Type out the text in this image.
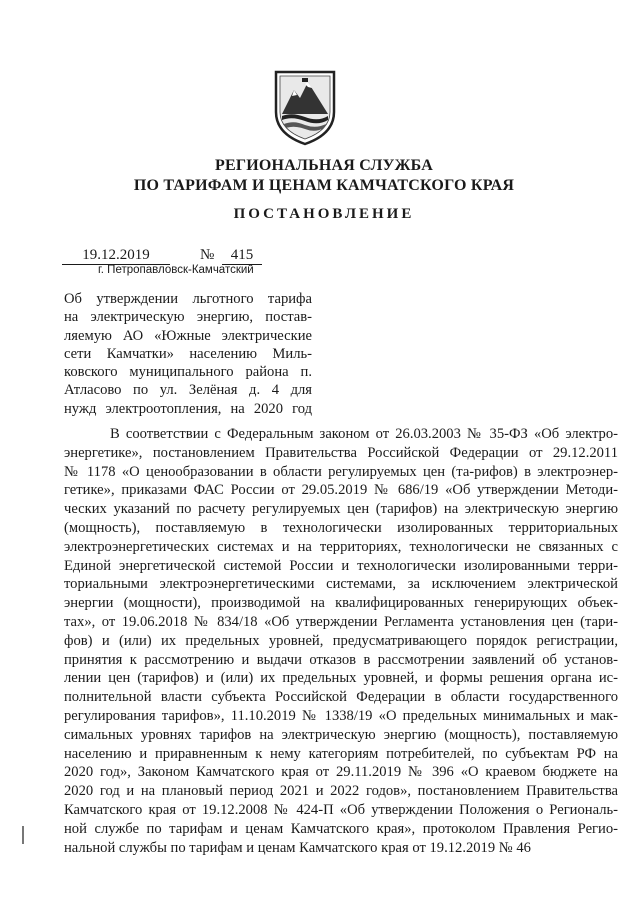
РЕГИОНАЛЬНАЯ СЛУЖБА
ПО ТАРИФАМ И ЦЕНАМ КАМЧАТСКОГО КРАЯ
ПОСТАНОВЛЕНИЕ
19.12.2019	№	415
г. Петропавловск-Камчатский
Об утверждении льготного тарифа
на электрическую энергию, постав-
ляемую АО «Южные электрические
сети Камчатки» населению Миль-
ковского муниципального района п.
Атласово по ул. Зелёная д. 4 для
нужд электроотопления, на 2020 год
В соответствии с Федеральным законом от 26.03.2003 № 35-ФЗ «Об электро-
энергетике», постановлением Правительства Российской Федерации от 29.12.2011
№ 1178 «О ценообразовании в области регулируемых цен (та-рифов) в электроэнер-
гетике», приказами ФАС России от 29.05.2019 № 686/19 «Об утверждении Методи-
ческих указаний по расчету регулируемых цен (тарифов) на электрическую энергию
(мощность), поставляемую в технологически изолированных территориальных
электроэнергетических системах и на территориях, технологически не связанных с
Единой энергетической системой России и технологически изолированными терри-
ториальными электроэнергетическими системами, за исключением электрической
энергии (мощности), производимой на квалифицированных генерирующих объек-
тах», от 19.06.2018 № 834/18 «Об утверждении Регламента установления цен (тари-
фов) и (или) их предельных уровней, предусматривающего порядок регистрации,
принятия к рассмотрению и выдачи отказов в рассмотрении заявлений об установ-
лении цен (тарифов) и (или) их предельных уровней, и формы решения органа ис-
полнительной власти субъекта Российской Федерации в области государственного
регулирования тарифов», 11.10.2019 № 1338/19 «О предельных минимальных и мак-
симальных уровнях тарифов на электрическую энергию (мощность), поставляемую
населению и приравненным к нему категориям потребителей, по субъектам РФ на
2020 год», Законом Камчатского края от 29.11.2019 № 396 «О краевом бюджете на
2020 год и на плановый период 2021 и 2022 годов», постановлением Правительства
Камчатского края от 19.12.2008 № 424-П «Об утверждении Положения о Региональ-
ной службе по тарифам и ценам Камчатского края», протоколом Правления Регио-
нальной службы по тарифам и ценам Камчатского края от 19.12.2019 № 46
